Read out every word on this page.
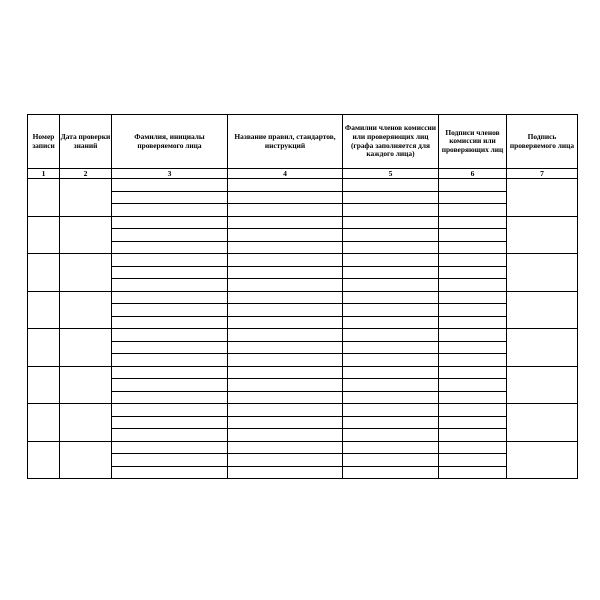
Номер записи	Дата проверки знаний	Фамилия, инициалы проверяемого лица	Название правил, стандартов, инструкций	Фамилии членов комиссии или проверяющих лиц (графа заполняется для каждого лица)	Подписи членов комиссии или проверяющих лиц	Подпись проверяемого лица
1	2	3	4	5	6	7
